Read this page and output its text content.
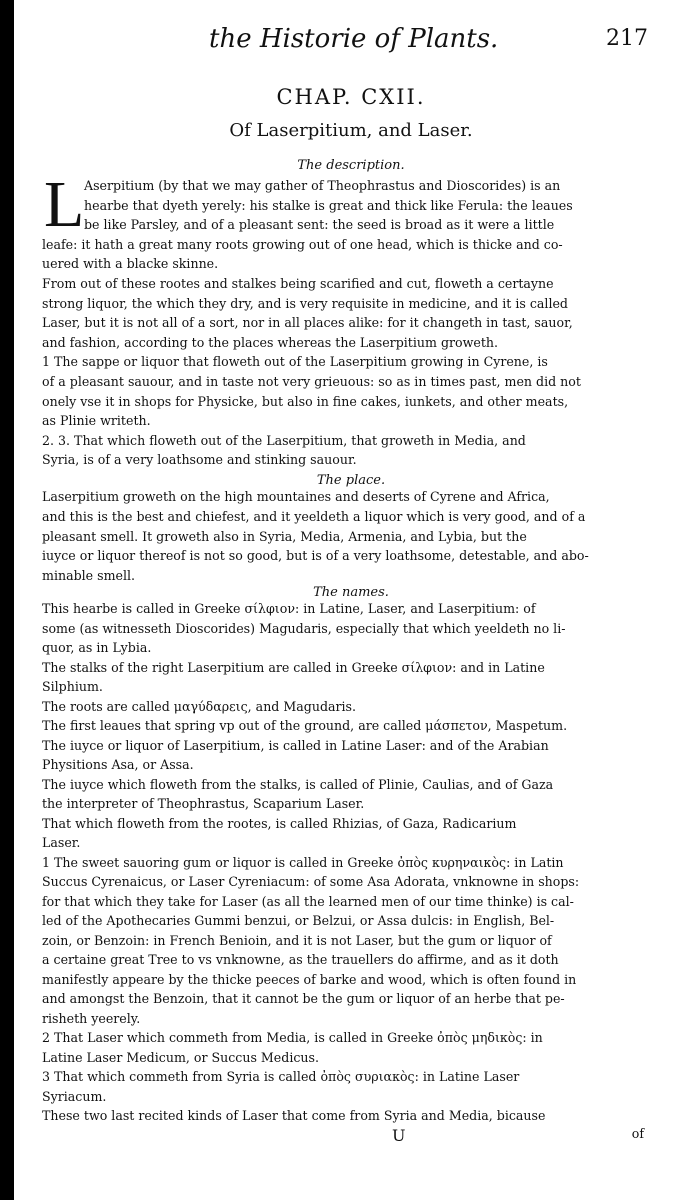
the Historie of Plants.	217
CHAP. CXII.
Of Laserpitium, and Laser.
The description.
L Aserpitium (by that we may gather of Theophrastus and Dioscorides) is an
hearbe that dyeth yerely: his stalke is great and thick like Ferula: the leaues
be like Parsley, and of a pleasant sent: the seed is broad as it were a little
leafe: it hath a great many roots growing out of one head, which is thicke and co-
uered with a blacke skinne.
From out of these rootes and stalkes being scarified and cut, floweth a certayne
strong liquor, the which they dry, and is very requisite in medicine, and it is called
Laser, but it is not all of a sort, nor in all places alike: for it changeth in tast, sauor,
and fashion, according to the places whereas the Laserpitium groweth.
1 The sappe or liquor that floweth out of the Laserpitium growing in Cyrene, is
of a pleasant sauour, and in taste not very grieuous: so as in times past, men did not
onely vse it in shops for Physicke, but also in fine cakes, iunkets, and other meats,
as Plinie writeth.
2. 3. That which floweth out of the Laserpitium, that groweth in Media, and
Syria, is of a very loathsome and stinking sauour.
The place.
Laserpitium groweth on the high mountaines and deserts of Cyrene and Africa,
and this is the best and chiefest, and it yeeldeth a liquor which is very good, and of a
pleasant smell. It groweth also in Syria, Media, Armenia, and Lybia, but the
iuyce or liquor thereof is not so good, but is of a very loathsome, detestable, and abo-
minable smell.
The names.
This hearbe is called in Greeke σίλφιον: in Latine, Laser, and Laserpitium: of
some (as witnesseth Dioscorides) Magudaris, especially that which yeeldeth no li-
quor, as in Lybia.
The stalks of the right Laserpitium are called in Greeke σίλφιον: and in Latine
Silphium.
The roots are called μαγύδαρεις, and Magudaris.
The first leaues that spring vp out of the ground, are called μάσπετον, Maspetum.
The iuyce or liquor of Laserpitium, is called in Latine Laser: and of the Arabian
Physitions Asa, or Assa.
The iuyce which floweth from the stalks, is called of Plinie, Caulias, and of Gaza
the interpreter of Theophrastus, Scaparium Laser.
That which floweth from the rootes, is called Rhizias, of Gaza, Radicarium
Laser.
1 The sweet sauoring gum or liquor is called in Greeke ὀπὸς κυρηναικὸς: in Latin
Succus Cyrenaicus, or Laser Cyreniacum: of some Asa Adorata, vnknowne in shops:
for that which they take for Laser (as all the learned men of our time thinke) is cal-
led of the Apothecaries Gummi benzui, or Belzui, or Assa dulcis: in English, Bel-
zoin, or Benzoin: in French Benioin, and it is not Laser, but the gum or liquor of
a certaine great Tree to vs vnknowne, as the trauellers do affirme, and as it doth
manifestly appeare by the thicke peeces of barke and wood, which is often found in
and amongst the Benzoin, that it cannot be the gum or liquor of an herbe that pe-
risheth yeerely.
2 That Laser which commeth from Media, is called in Greeke ὀπὸς μηδικὸς: in
Latine Laser Medicum, or Succus Medicus.
3 That which commeth from Syria is called ὀπὸς συριακὸς: in Latine Laser
Syriacum.
These two last recited kinds of Laser that come from Syria and Media, bicause
U	of
